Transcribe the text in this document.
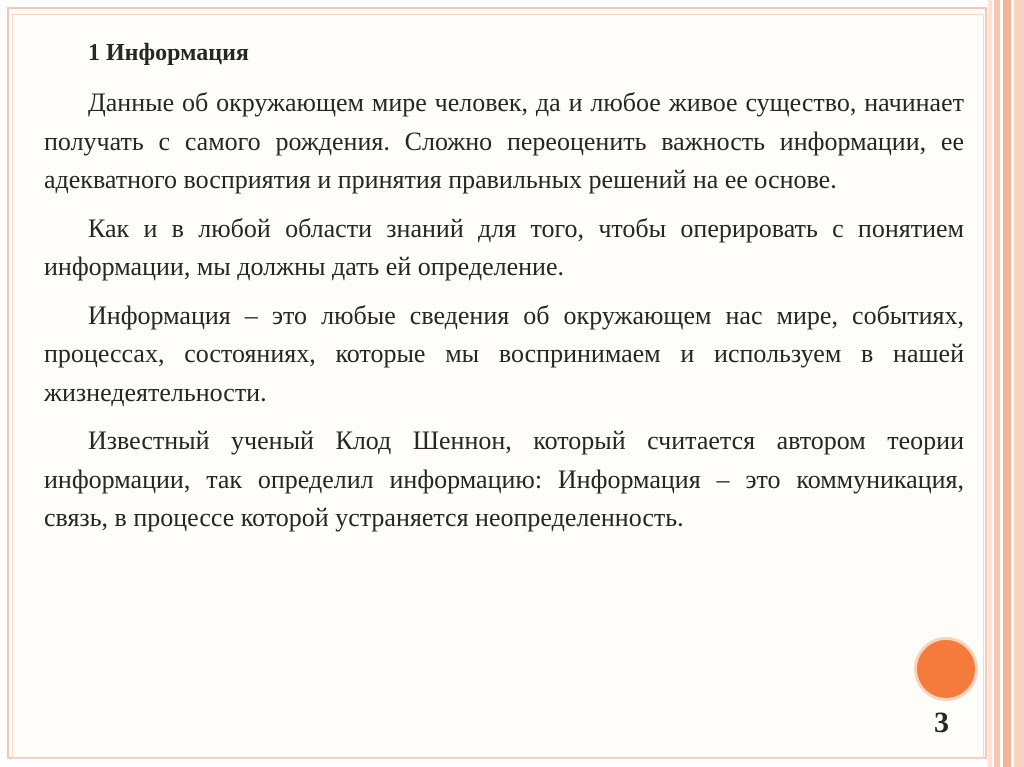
1 Информация

Данные об окружающем мире человек, да и любое живое существо, начинает получать с самого рождения. Сложно переоценить важность информации, ее адекватного восприятия и принятия правильных решений на ее основе.

Как и в любой области знаний для того, чтобы оперировать с понятием информации, мы должны дать ей определение.

Информация – это любые сведения об окружающем нас мире, событиях, процессах, состояниях, которые мы воспринимаем и используем в нашей жизнедеятельности.

Известный ученый Клод Шеннон, который считается автором теории информации, так определил информацию: Информация – это коммуникация, связь, в процессе которой устраняется неопределенность.

3
